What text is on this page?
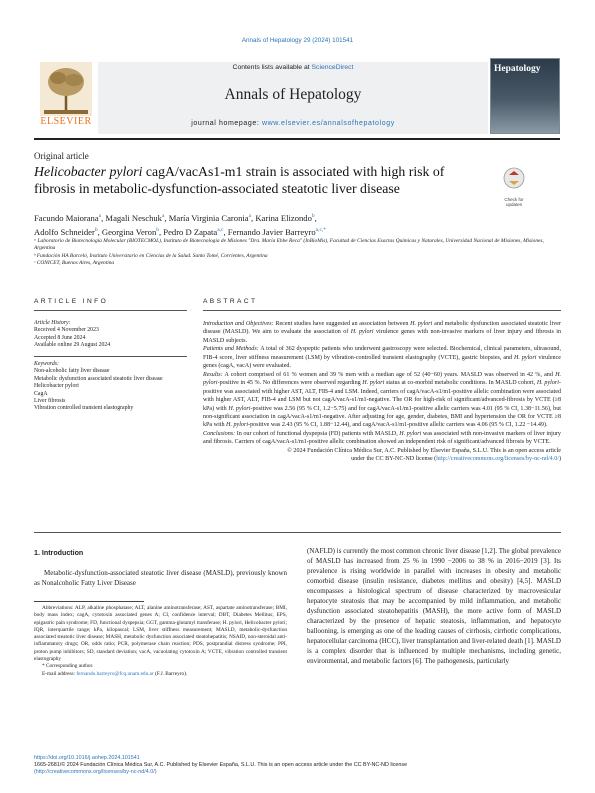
Annals of Hepatology 29 (2024) 101541
ELSEVIER
Contents lists available at ScienceDirect
Annals of Hepatology
journal homepage: www.elsevier.es/annalsofhepatology
Hepatology
Original article
Helicobacter pylori cagA/vacAs1-m1 strain is associated with high risk of fibrosis in metabolic-dysfunction-associated steatotic liver disease
Check for updates
Facundo Maiorana$^a$, Magali Neschuk$^a$, María Virginia Caronia$^a$, Karina Elizondo$^b$,
Adolfo Schneider$^b$, Georgina Veron$^b$, Pedro D Zapata$^{a,c}$, Fernando Javier Barreyro$^{a,c,*}$
ᵃ Laboratorio de Biotecnología Molecular (BIOTECMOL), Instituto de Biotecnología de Misiones "Dra. María Ebbe Reca" (InBioMis), Facultad de Ciencias Exactas Químicas y Naturales, Universidad Nacional de Misiones, Misiones, Argentina
ᵇ Fundación HA Barceló, Instituto Universitario en Ciencias de la Salud. Santo Tomé, Corrientes, Argentina
ᶜ CONICET, Buenos Aires, Argentina
ARTICLE INFO
Article History:
Received 4 November 2023
Accepted 8 June 2024
Available online 29 August 2024
Keywords:
Non-alcoholic fatty liver disease
Metabolic dysfunction associated steatotic liver disease
Helicobacter pylori
CagA
Liver fibrosis
Vibration controlled transient elastography
ABSTRACT

Introduction and Objectives: Recent studies have suggested an association between H. pylori and metabolic dysfunction associated steatotic liver disease (MASLD). We aim to evaluate the association of H. pylori virulence genes with non-invasive markers of liver injury and fibrosis in MASLD subjects.

Patients and Methods: A total of 362 dyspeptic patients who underwent gastroscopy were selected. Biochemical, clinical parameters, ultrasound, FIB-4 score, liver stiffness measurement (LSM) by vibration-controlled transient elastography (VCTE), gastric biopsies, and H. pylori virulence genes (cagA, vacA) were evaluated.

Results: A cohort comprised of 61 % women and 39 % men with a median age of 52 (40−60) years. MASLD was observed in 42 %, and H. pylori-positive in 45 %. No differences were observed regarding H. pylori status at co-morbid metabolic conditions. In MASLD cohort, H. pylori-positive was associated with higher AST, ALT, FIB-4 and LSM. Indeed, carriers of cagA/vacA-s1/m1-positive allelic combination were associated with higher AST, ALT, FIB-4 and LSM but not cagA/vacA-s1/m1-negative. The OR for high-risk of significant/advanced-fibrosis by VCTE (≥8 kPa) with H. pylori-positive was 2.56 (95 % CI, 1.2−5.75) and for cagA/vacA-s1/m1-positive allelic carriers was 4.01 (95 % CI, 1.38−11.56), but non-significant association in cagA/vacA-s1/m1-negative. After adjusting for age, gender, diabetes, BMI and hypertension the OR for VCTE ≥8 kPa with H. pylori-positive was 2.43 (95 % CI, 1.88−12.44), and cagA/vacA-s1/m1-positive allelic carriers was 4.06 (95 % CI, 1.22 −14.49).

Conclusions: In our cohort of functional dyspepsia (FD) patients with MASLD, H. pylori was associated with non-invasive markers of liver injury and fibrosis. Carriers of cagA/vacA-s1/m1-positive allelic combination showed an independent risk of significant/advanced fibrosis by VCTE.

© 2024 Fundación Clínica Médica Sur, A.C. Published by Elsevier España, S.L.U. This is an open access article

under the CC BY-NC-ND license (http://creativecommons.org/licenses/by-nc-nd/4.0/)

1. Introduction

Metabolic-dysfunction-associated steatotic liver disease (MASLD), previously known as Nonalcoholic Fatty Liver Disease

Abbreviations: ALP, alkaline phosphatase; ALT, alanine aminotransferase; AST, aspartate aminotransferase; BMI, body mass index; cagA, cytotoxin associated genes A; CI, confidence interval; DBT, Diabetes Mellitus; EPS, epigastric pain syndrome; FD, functional dyspepsia; GGT, gamma-glutamyl transferase; H. pylori, Helicobacter pylori; IQR, interquartile range; kPa, kilopascal; LSM, liver stiffness measurement; MASLD, metabolic-dysfunction associated steatotic liver disease; MASH, metabolic dysfunction associated steatohepatitis; NSAID, non-steroidal anti-inflammatory drugs; OR, odds ratio; PCR, polymerase chain reaction; PDS, postprandial distress syndrome; PPI, proton pump inhibitors; SD, standard deviation; vacA, vacuolating cytotoxin A; VCTE, vibration controlled transient elastography

* Corresponding author.

E-mail address: fernando.barreyro@fcq.unam.edu.ar (F.J. Barreyro).

(NAFLD) is currently the most common chronic liver disease [1,2]. The global prevalence of MASLD has increased from 25 % in 1990 −2006 to 38 % in 2016−2019 [3]. Its prevalence is rising worldwide in parallel with increases in obesity and metabolic comorbid disease (insulin resistance, diabetes mellitus and obesity) [4,5]. MASLD encompasses a histological spectrum of disease characterized by macrovesicular hepatocyte steatosis that may be accompanied by mild inflammation, and metabolic dysfunction associated steatohepatitis (MASH), the more active form of MASLD characterized by the presence of hepatic steatosis, inflammation, and hepatocyte ballooning, is emerging as one of the leading causes of cirrhosis, cirrhotic complications, hepatocellular carcinoma (HCC), liver transplantation and liver-related death [1]. MASLD is a complex disorder that is influenced by multiple mechanisms, including genetic, environmental, and metabolic factors [6]. The pathogenesis, particularly

https://doi.org/10.1016/j.aohep.2024.101541
1665-2681/© 2024 Fundación Clínica Médica Sur, A.C. Published by Elsevier España, S.L.U. This is an open access article under the CC BY-NC-ND license
(http://creativecommons.org/licenses/by-nc-nd/4.0/)
